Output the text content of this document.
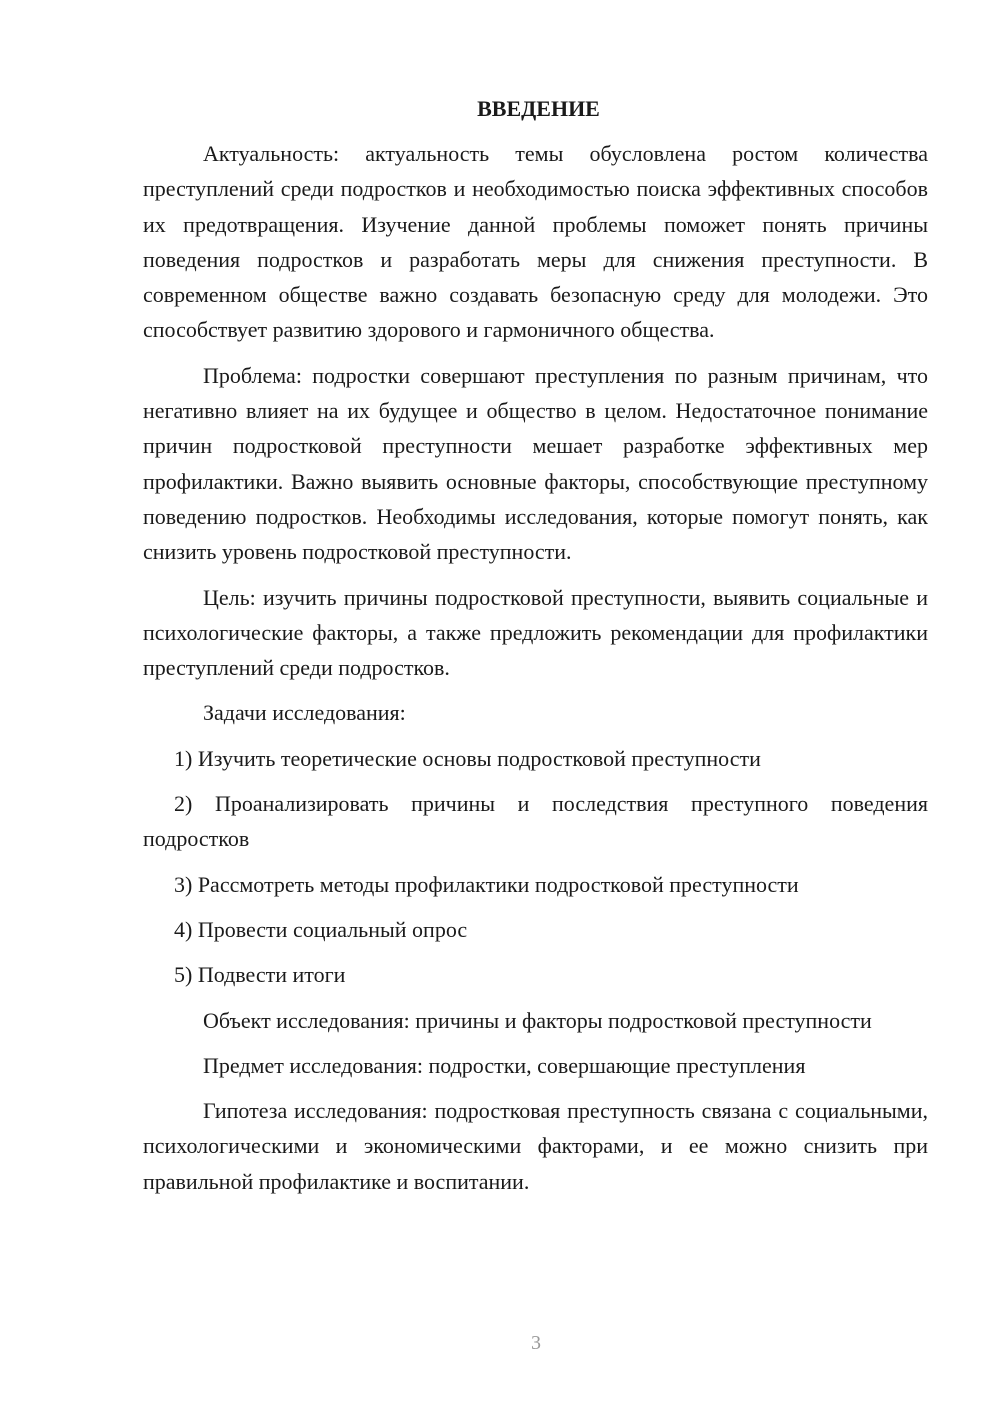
ВВЕДЕНИЕ

Актуальность: актуальность темы обусловлена ростом количества преступлений среди подростков и необходимостью поиска эффективных способов их предотвращения. Изучение данной проблемы поможет понять причины поведения подростков и разработать меры для снижения преступности. В современном обществе важно создавать безопасную среду для молодежи. Это способствует развитию здорового и гармоничного общества.

Проблема: подростки совершают преступления по разным причинам, что негативно влияет на их будущее и общество в целом. Недостаточное понимание причин подростковой преступности мешает разработке эффективных мер профилактики. Важно выявить основные факторы, способствующие преступному поведению подростков. Необходимы исследования, которые помогут понять, как снизить уровень подростковой преступности.

Цель: изучить причины подростковой преступности, выявить социальные и психологические факторы, а также предложить рекомендации для профилактики преступлений среди подростков.

Задачи исследования:

1) Изучить теоретические основы подростковой преступности

2) Проанализировать причины и последствия преступного поведения подростков

3) Рассмотреть методы профилактики подростковой преступности

4) Провести социальный опрос

5) Подвести итоги

Объект исследования: причины и факторы подростковой преступности

Предмет исследования: подростки, совершающие преступления

Гипотеза исследования: подростковая преступность связана с социальными, психологическими и экономическими факторами, и ее можно снизить при правильной профилактике и воспитании.

3
